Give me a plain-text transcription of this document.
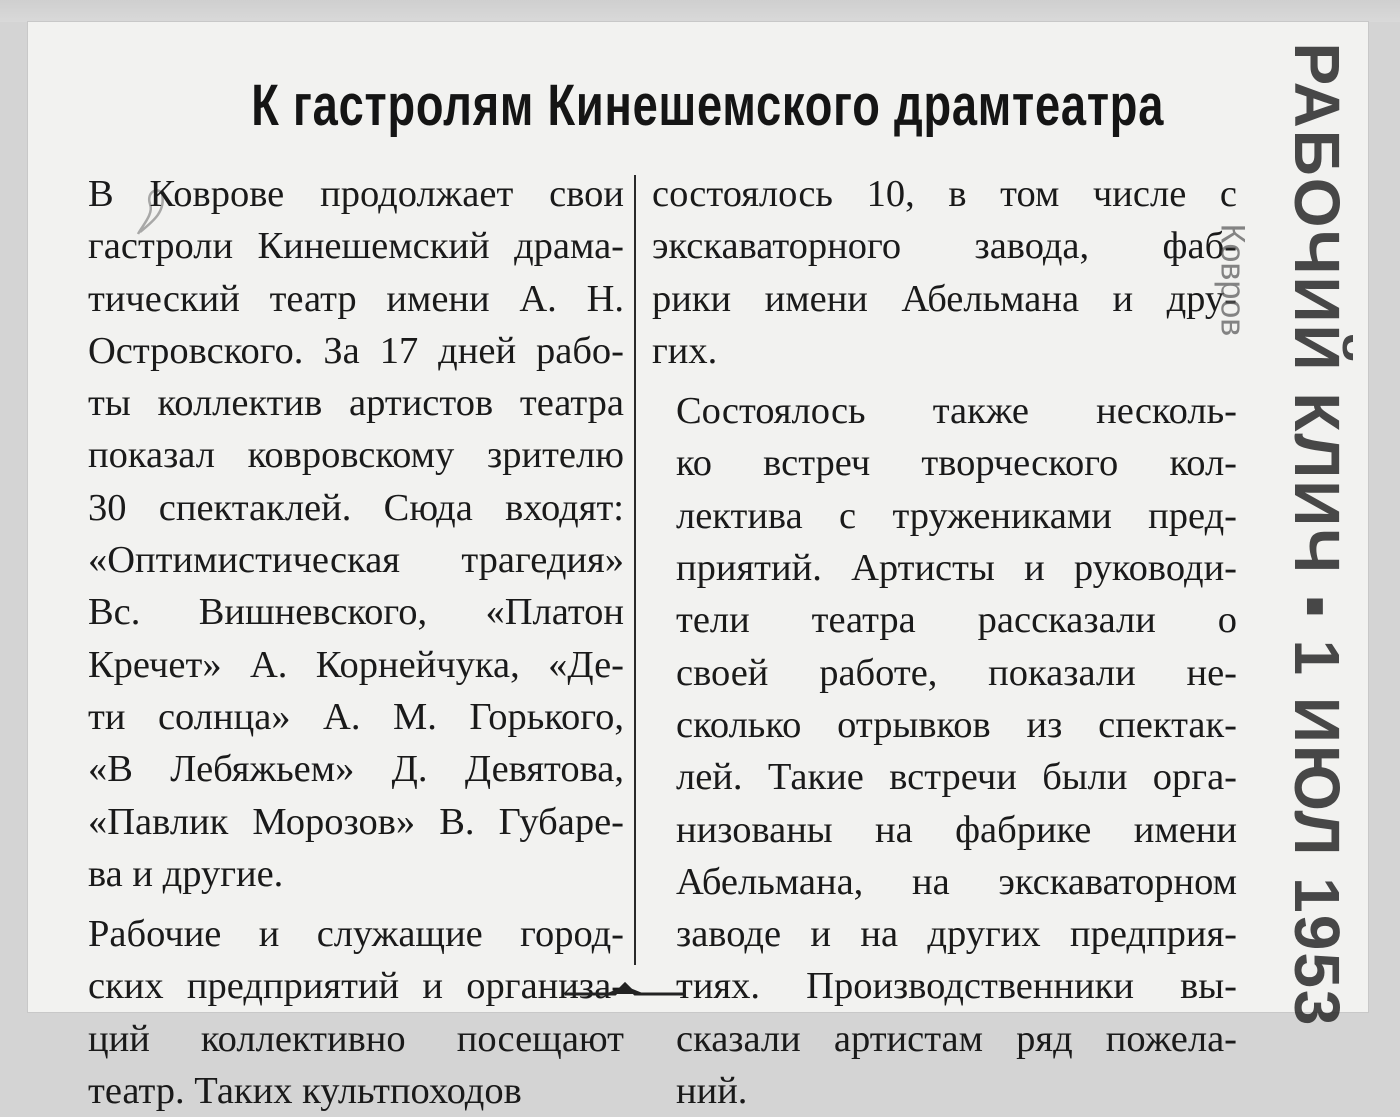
К гастролям Кинешемского драмтеатра

В Коврове продолжает свои
гастроли Кинешемский драма-
тический театр имени А. Н.
Островского. За 17 дней рабо-
ты коллектив артистов театра
показал ковровскому зрителю
30 спектаклей. Сюда входят:
«Оптимистическая трагедия»
Вс. Вишневского, «Платон
Кречет» А. Корнейчука, «Де-
ти солнца» А. М. Горького,
«В Лебяжьем» Д. Девятова,
«Павлик Морозов» В. Губаре-
ва и другие.

Рабочие и служащие город-
ских предприятий и организа-
ций коллективно посещают
театр. Таких культпоходов

состоялось 10, в том числе с
экскаваторного завода, фаб-
рики имени Абельмана и дру-
гих.

Состоялось также несколь-
ко встреч творческого кол-
лектива с тружениками пред-
приятий. Артисты и руководи-
тели театра рассказали о
своей работе, показали не-
сколько отрывков из спектак-
лей. Такие встречи были орга-
низованы на фабрике имени
Абельмана, на экскаваторном
заводе и на других предприя-
тиях. Производственники вы-
сказали артистам ряд пожела-
ний.

Ковров РАБОЧИЙ КЛИЧ ▪ 1 ИЮЛ 1953
